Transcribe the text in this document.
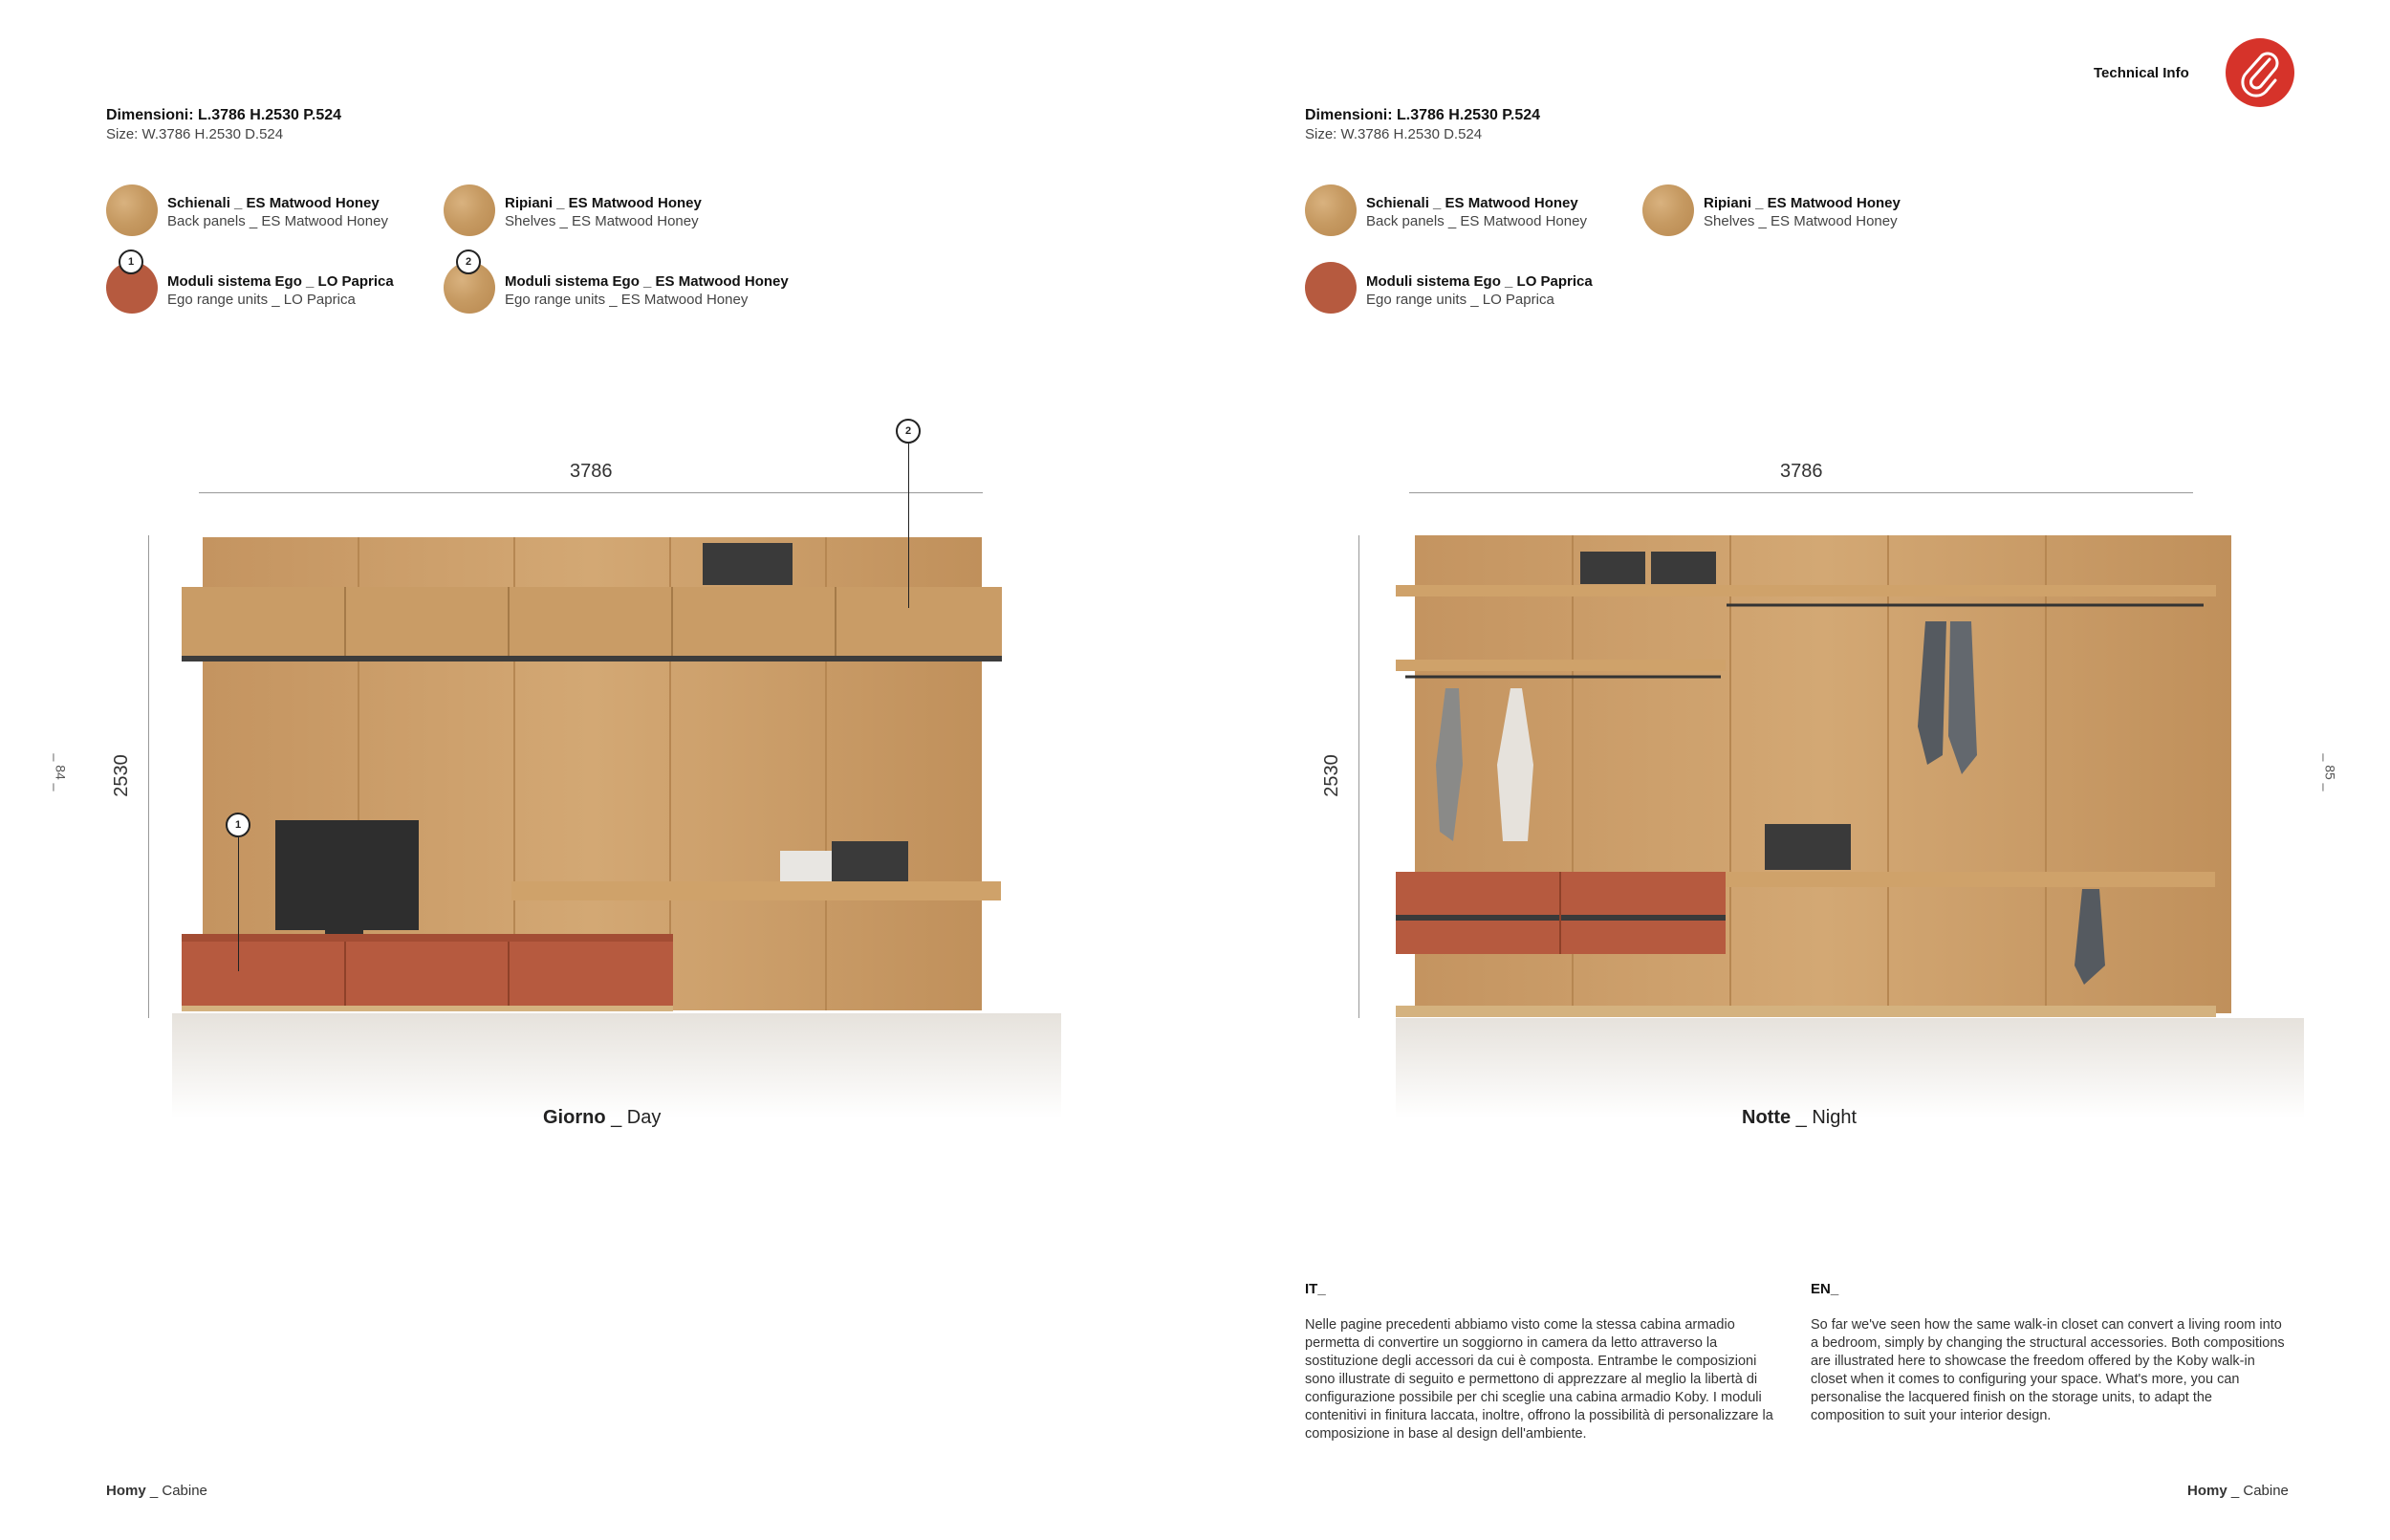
Technical Info
Dimensioni: L.3786 H.2530 P.524
Size: W.3786 H.2530 D.524
Schienali _ ES Matwood Honey
Back panels _ ES Matwood Honey
Ripiani _ ES Matwood Honey
Shelves _ ES Matwood Honey
1
Moduli sistema Ego _ LO Paprica
Ego range units _ LO Paprica
2
Moduli sistema Ego _ ES Matwood Honey
Ego range units _ ES Matwood Honey
3786
2530
1
2
Giorno _ Day
_ 84 _
Homy _ Cabine
Dimensioni: L.3786 H.2530 P.524
Size: W.3786 H.2530 D.524
Schienali _ ES Matwood Honey
Back panels _ ES Matwood Honey
Ripiani _ ES Matwood Honey
Shelves _ ES Matwood Honey
Moduli sistema Ego _ LO Paprica
Ego range units _ LO Paprica
3786
2530
Notte _ Night
IT_
Nelle pagine precedenti abbiamo visto come la stessa cabina armadio permetta di convertire un soggiorno in camera da letto attraverso la sostituzione degli accessori da cui è composta. Entrambe le composizioni sono illustrate di seguito e permettono di apprezzare al meglio la libertà di configurazione possibile per chi sceglie una cabina armadio Koby. I moduli contenitivi in finitura laccata, inoltre, offrono la possibilità di personalizzare la composizione in base al design dell'ambiente.
EN_
So far we've seen how the same walk-in closet can convert a living room into a bedroom, simply by changing the structural accessories. Both compositions are illustrated here to showcase the freedom offered by the Koby walk-in closet when it comes to configuring your space. What's more, you can personalise the lacquered finish on the storage units, to adapt the composition to suit your interior design.
_ 85 _
Homy _ Cabine
